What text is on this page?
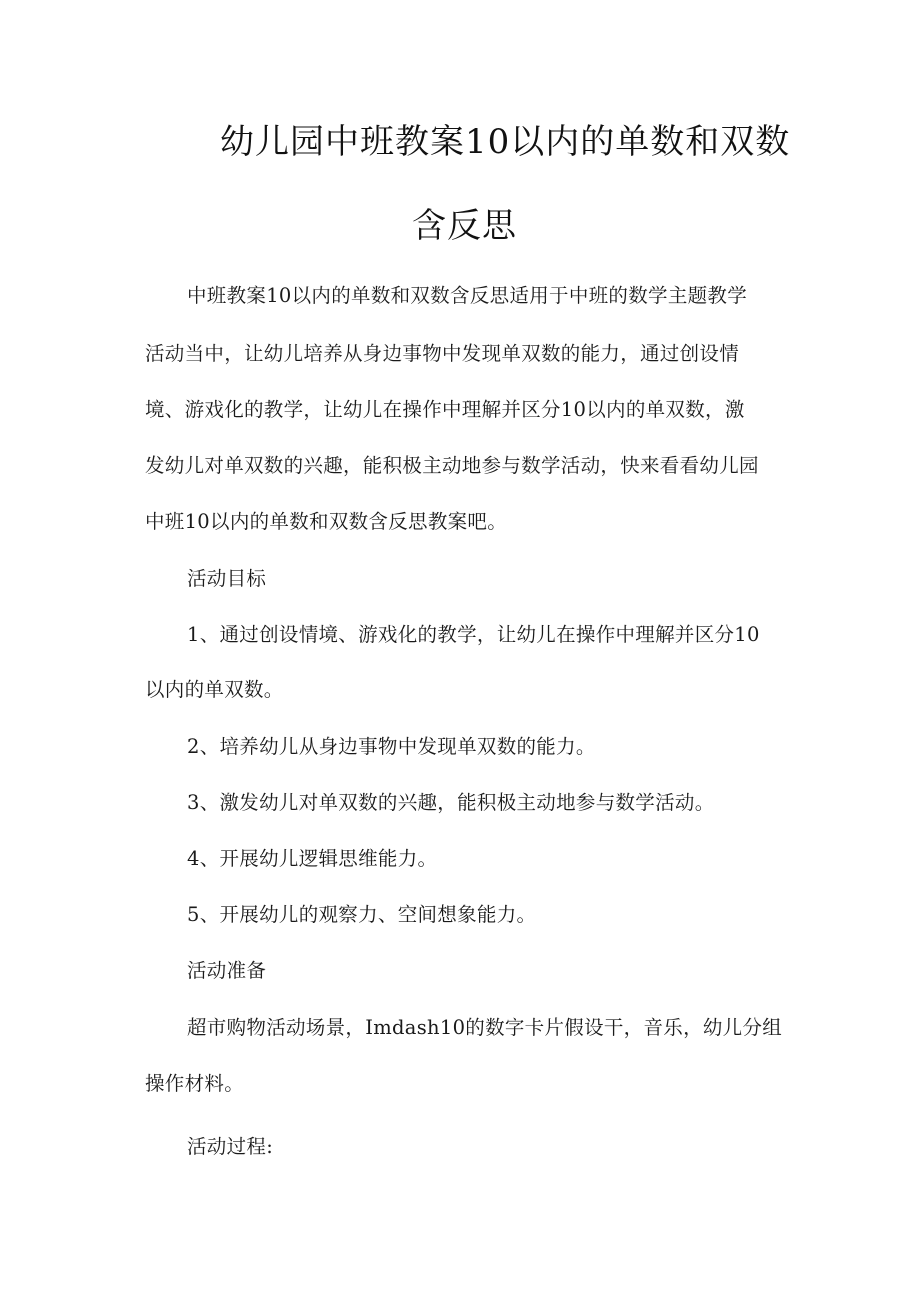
幼儿园中班教案10以内的单数和双数
含反思
中班教案10以内的单数和双数含反思适用于中班的数学主题教学
活动当中，让幼儿培养从身边事物中发现单双数的能力，通过创设情
境、游戏化的教学，让幼儿在操作中理解并区分10以内的单双数，激
发幼儿对单双数的兴趣，能积极主动地参与数学活动，快来看看幼儿园
中班10以内的单数和双数含反思教案吧。
活动目标
1、通过创设情境、游戏化的教学，让幼儿在操作中理解并区分10
以内的单双数。
2、培养幼儿从身边事物中发现单双数的能力。
3、激发幼儿对单双数的兴趣，能积极主动地参与数学活动。
4、开展幼儿逻辑思维能力。
5、开展幼儿的观察力、空间想象能力。
活动准备
超市购物活动场景，Imdash10的数字卡片假设干，音乐，幼儿分组
操作材料。
活动过程:
